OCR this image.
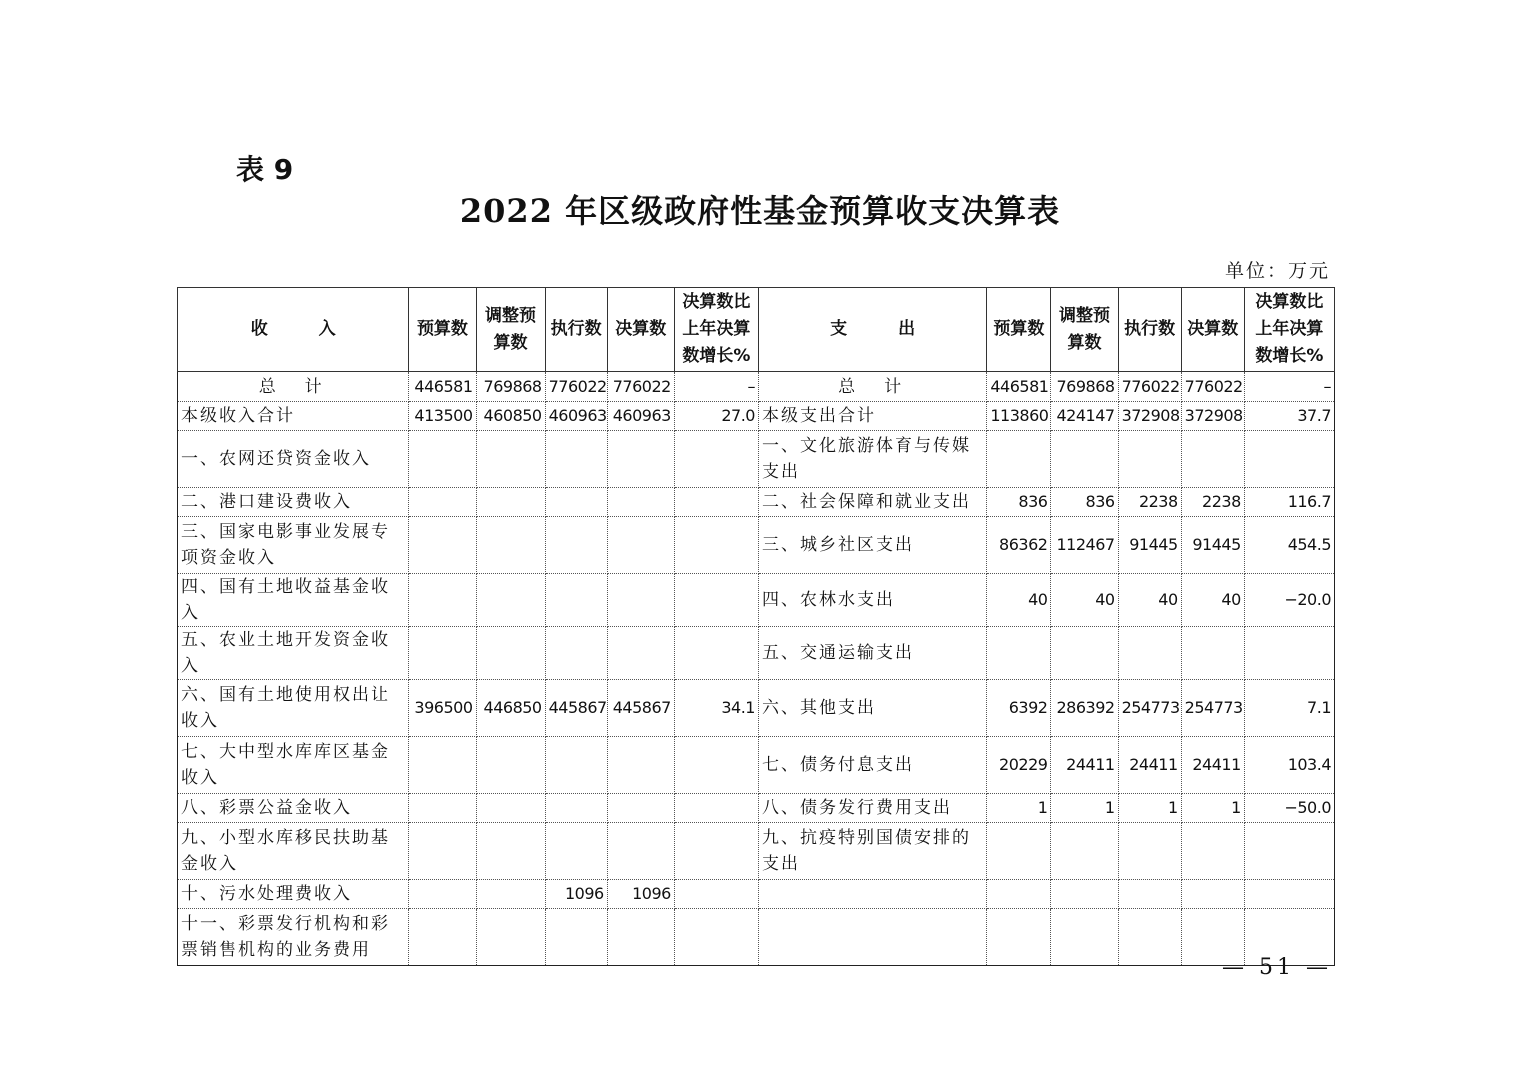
表 9
2022 年区级政府性基金预算收支决算表
单位：万元
收　　　入	预算数	调整预算数	执行数	决算数	决算数比上年决算数增长%	支　　　出	预算数	调整预算数	执行数	决算数	决算数比上年决算数增长%
总　计	446581	769868	776022	776022	–	总　计	446581	769868	776022	776022	–
本级收入合计	413500	460850	460963	460963	27.0	本级支出合计	113860	424147	372908	372908	37.7
一、农网还贷资金收入						一、文化旅游体育与传媒支出					
二、港口建设费收入						二、社会保障和就业支出	836	836	2238	2238	116.7
三、国家电影事业发展专项资金收入						三、城乡社区支出	86362	112467	91445	91445	454.5
四、国有土地收益基金收入						四、农林水支出	40	40	40	40	−20.0
五、农业土地开发资金收入						五、交通运输支出					
六、国有土地使用权出让收入	396500	446850	445867	445867	34.1	六、其他支出	6392	286392	254773	254773	7.1
七、大中型水库库区基金收入						七、债务付息支出	20229	24411	24411	24411	103.4
八、彩票公益金收入						八、债务发行费用支出	1	1	1	1	−50.0
九、小型水库移民扶助基金收入						九、抗疫特别国债安排的支出					
十、污水处理费收入			1096	1096							
十一、彩票发行机构和彩票销售机构的业务费用											
— 51 —
